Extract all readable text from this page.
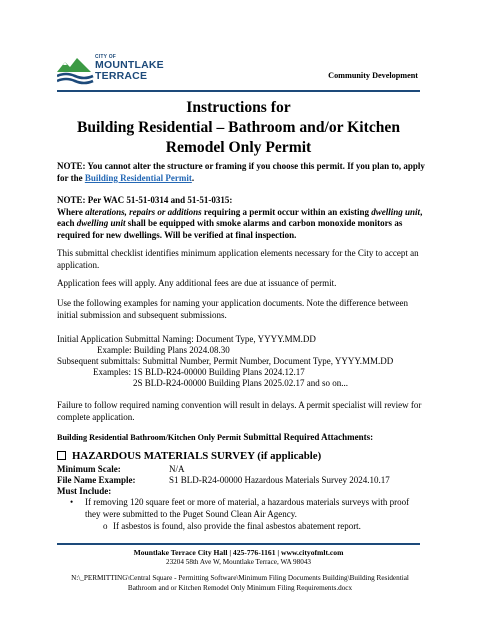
CITY OF
MOUNTLAKE
TERRACE	Community Development
Instructions for
Building Residential – Bathroom and/or Kitchen
Remodel Only Permit
NOTE: You cannot alter the structure or framing if you choose this permit. If you plan to, apply for the Building Residential Permit.
NOTE: Per WAC 51-51-0314 and 51-51-0315:
Where alterations, repairs or additions requiring a permit occur within an existing dwelling unit, each dwelling unit shall be equipped with smoke alarms and carbon monoxide monitors as required for new dwellings. Will be verified at final inspection.
This submittal checklist identifies minimum application elements necessary for the City to accept an application.
Application fees will apply. Any additional fees are due at issuance of permit.
Use the following examples for naming your application documents. Note the difference between initial submission and subsequent submissions.
Initial Application Submittal Naming: Document Type, YYYY.MM.DD
Example: Building Plans 2024.08.30
Subsequent submittals: Submittal Number, Permit Number, Document Type, YYYY.MM.DD
Examples: 1S BLD-R24-00000 Building Plans 2024.12.17
2S BLD-R24-00000 Building Plans 2025.02.17 and so on...
Failure to follow required naming convention will result in delays. A permit specialist will review for complete application.
Building Residential Bathroom/Kitchen Only Permit Submittal Required Attachments:
HAZARDOUS MATERIALS SURVEY (if applicable)
Minimum Scale:	N/A
File Name Example:	S1 BLD-R24-00000 Hazardous Materials Survey 2024.10.17
Must Include:
• If removing 120 square feet or more of material, a hazardous materials surveys with proof they were submitted to the Puget Sound Clean Air Agency.
o If asbestos is found, also provide the final asbestos abatement report.
Mountlake Terrace City Hall | 425-776-1161 | www.cityofmlt.com
23204 58th Ave W, Mountlake Terrace, WA 98043
N:\_PERMITTING\Central Square - Permitting Software\Minimum Filing Documents Building\Building Residential Bathroom and or Kitchen Remodel Only Minimum Filing Requirements.docx
